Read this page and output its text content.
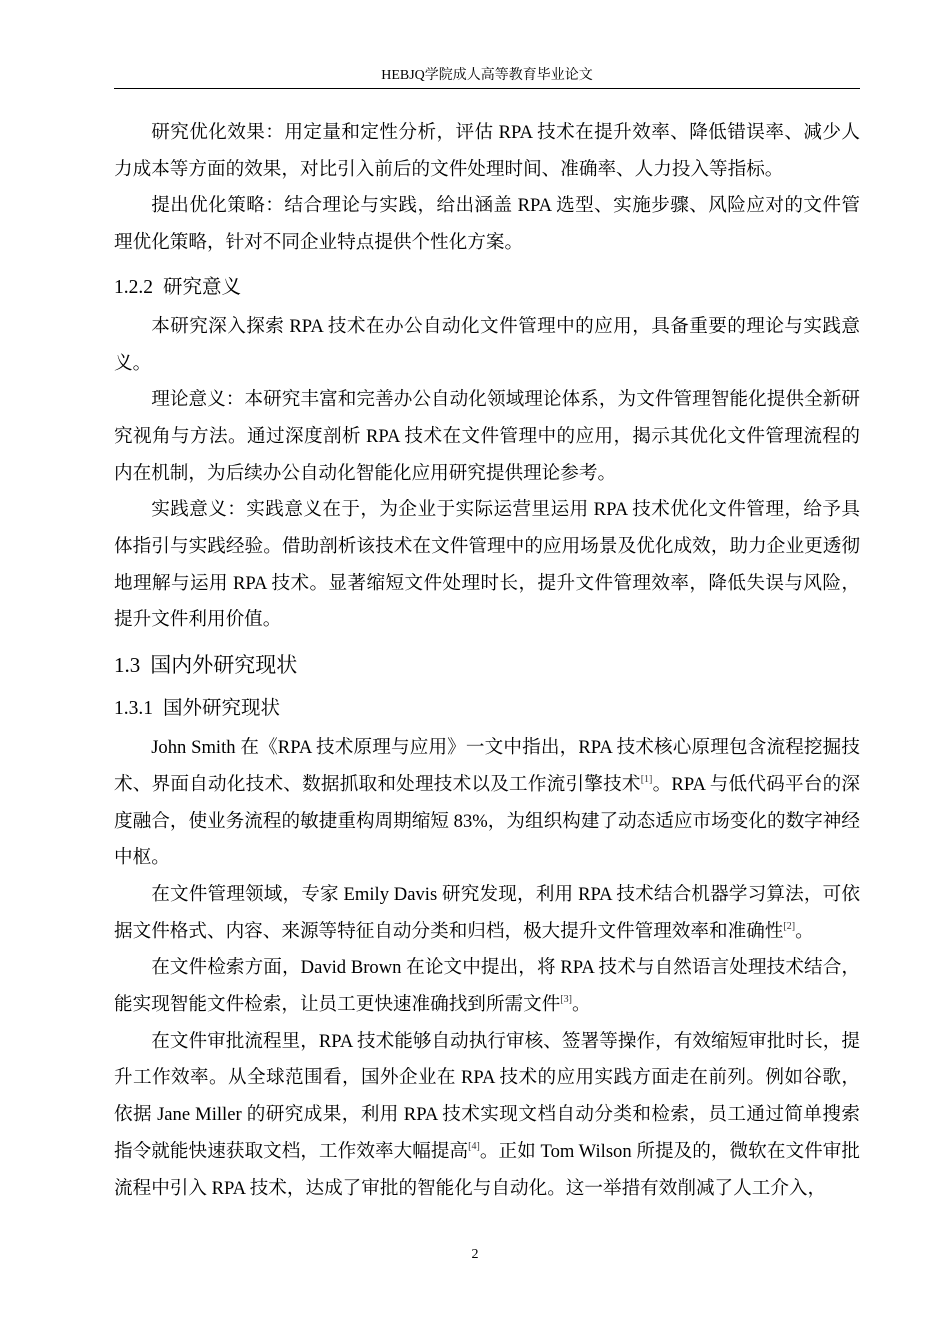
HEBJQ学院成人高等教育毕业论文

研究优化效果：用定量和定性分析，评估 RPA 技术在提升效率、降低错误率、减少人力成本等方面的效果，对比引入前后的文件处理时间、准确率、人力投入等指标。

提出优化策略：结合理论与实践，给出涵盖 RPA 选型、实施步骤、风险应对的文件管理优化策略，针对不同企业特点提供个性化方案。

1.2.2 研究意义

本研究深入探索 RPA 技术在办公自动化文件管理中的应用，具备重要的理论与实践意义。

理论意义：本研究丰富和完善办公自动化领域理论体系，为文件管理智能化提供全新研究视角与方法。通过深度剖析 RPA 技术在文件管理中的应用，揭示其优化文件管理流程的内在机制，为后续办公自动化智能化应用研究提供理论参考。

实践意义：实践意义在于，为企业于实际运营里运用 RPA 技术优化文件管理，给予具体指引与实践经验。借助剖析该技术在文件管理中的应用场景及优化成效，助力企业更透彻地理解与运用 RPA 技术。显著缩短文件处理时长，提升文件管理效率，降低失误与风险，提升文件利用价值。

1.3 国内外研究现状
1.3.1 国外研究现状

John Smith 在《RPA 技术原理与应用》一文中指出，RPA 技术核心原理包含流程挖掘技术、界面自动化技术、数据抓取和处理技术以及工作流引擎技术[1]。RPA 与低代码平台的深度融合，使业务流程的敏捷重构周期缩短 83%，为组织构建了动态适应市场变化的数字神经中枢。

在文件管理领域，专家 Emily Davis 研究发现，利用 RPA 技术结合机器学习算法，可依据文件格式、内容、来源等特征自动分类和归档，极大提升文件管理效率和准确性[2]。

在文件检索方面，David Brown 在论文中提出，将 RPA 技术与自然语言处理技术结合，能实现智能文件检索，让员工更快速准确找到所需文件[3]。

在文件审批流程里，RPA 技术能够自动执行审核、签署等操作，有效缩短审批时长，提升工作效率。从全球范围看，国外企业在 RPA 技术的应用实践方面走在前列。例如谷歌，依据 Jane Miller 的研究成果，利用 RPA 技术实现文档自动分类和检索，员工通过简单搜索指令就能快速获取文档，工作效率大幅提高[4]。正如 Tom Wilson 所提及的，微软在文件审批流程中引入 RPA 技术，达成了审批的智能化与自动化。这一举措有效削减了人工介入，

2
